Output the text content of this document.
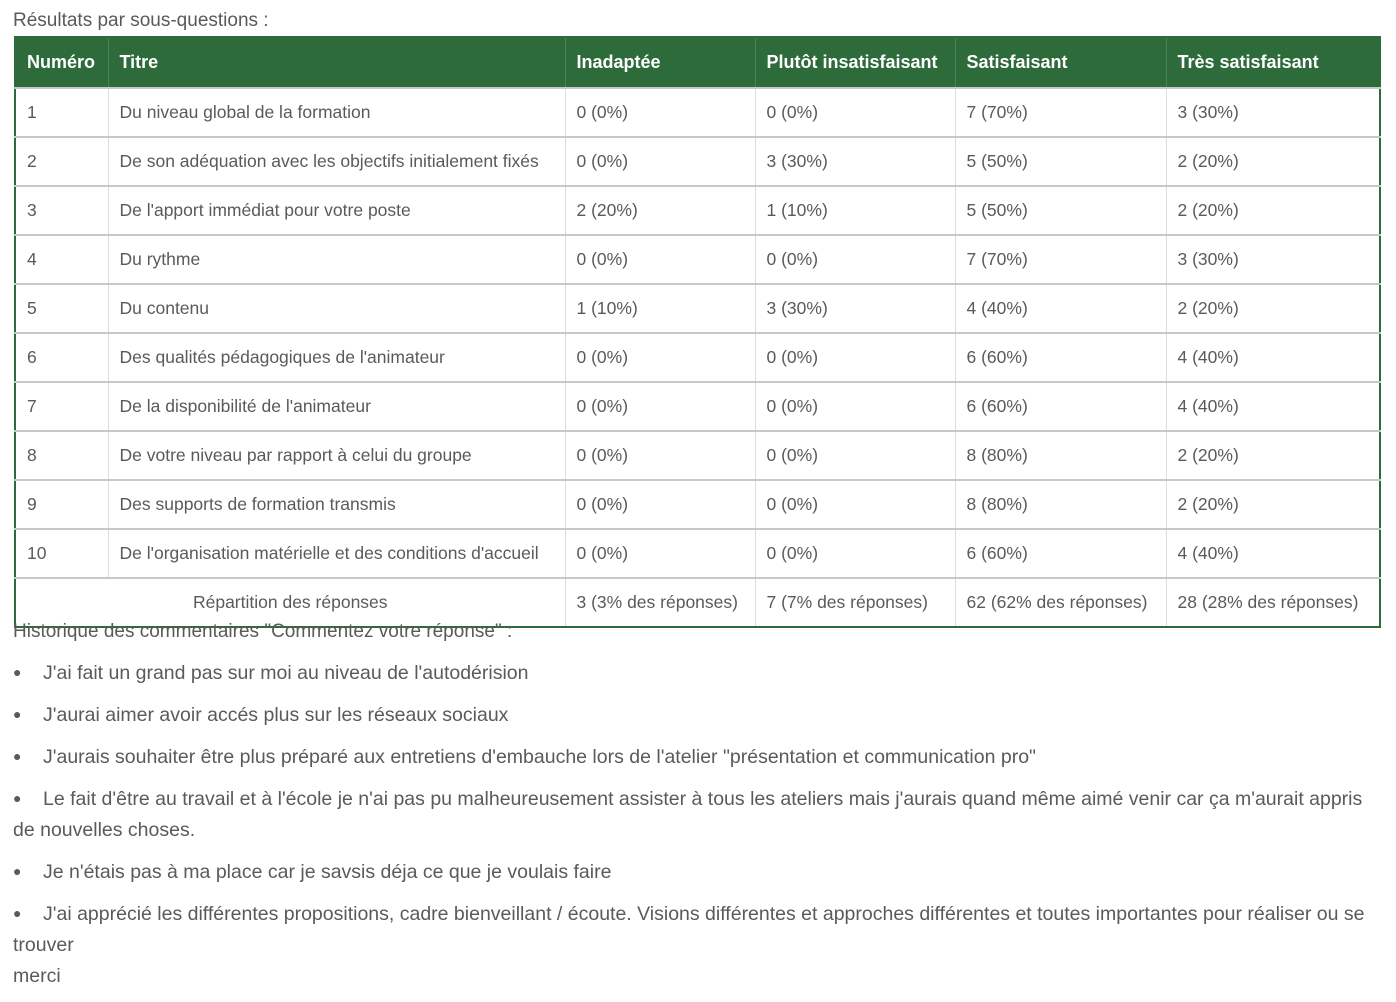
Résultats par sous-questions :
Numéro	Titre	Inadaptée	Plutôt insatisfaisant	Satisfaisant	Très satisfaisant
1	Du niveau global de la formation	0 (0%)	0 (0%)	7 (70%)	3 (30%)
2	De son adéquation avec les objectifs initialement fixés	0 (0%)	3 (30%)	5 (50%)	2 (20%)
3	De l'apport immédiat pour votre poste	2 (20%)	1 (10%)	5 (50%)	2 (20%)
4	Du rythme	0 (0%)	0 (0%)	7 (70%)	3 (30%)
5	Du contenu	1 (10%)	3 (30%)	4 (40%)	2 (20%)
6	Des qualités pédagogiques de l'animateur	0 (0%)	0 (0%)	6 (60%)	4 (40%)
7	De la disponibilité de l'animateur	0 (0%)	0 (0%)	6 (60%)	4 (40%)
8	De votre niveau par rapport à celui du groupe	0 (0%)	0 (0%)	8 (80%)	2 (20%)
9	Des supports de formation transmis	0 (0%)	0 (0%)	8 (80%)	2 (20%)
10	De l'organisation matérielle et des conditions d'accueil	0 (0%)	0 (0%)	6 (60%)	4 (40%)
Répartition des réponses		3 (3% des réponses)	7 (7% des réponses)	62 (62% des réponses)	28 (28% des réponses)
Historique des commentaires "Commentez votre réponse" :
● J'ai fait un grand pas sur moi au niveau de l'autodérision
● J'aurai aimer avoir accés plus sur les réseaux sociaux
● J'aurais souhaiter être plus préparé aux entretiens d'embauche lors de l'atelier "présentation et communication pro"
● Le fait d'être au travail et à l'école je n'ai pas pu malheureusement assister à tous les ateliers mais j'aurais quand même aimé venir car ça m'aurait appris de nouvelles choses.
● Je n'étais pas à ma place car je savsis déja ce que je voulais faire
● J'ai apprécié les différentes propositions, cadre bienveillant / écoute. Visions différentes et approches différentes et toutes importantes pour réaliser ou se trouver
merci
